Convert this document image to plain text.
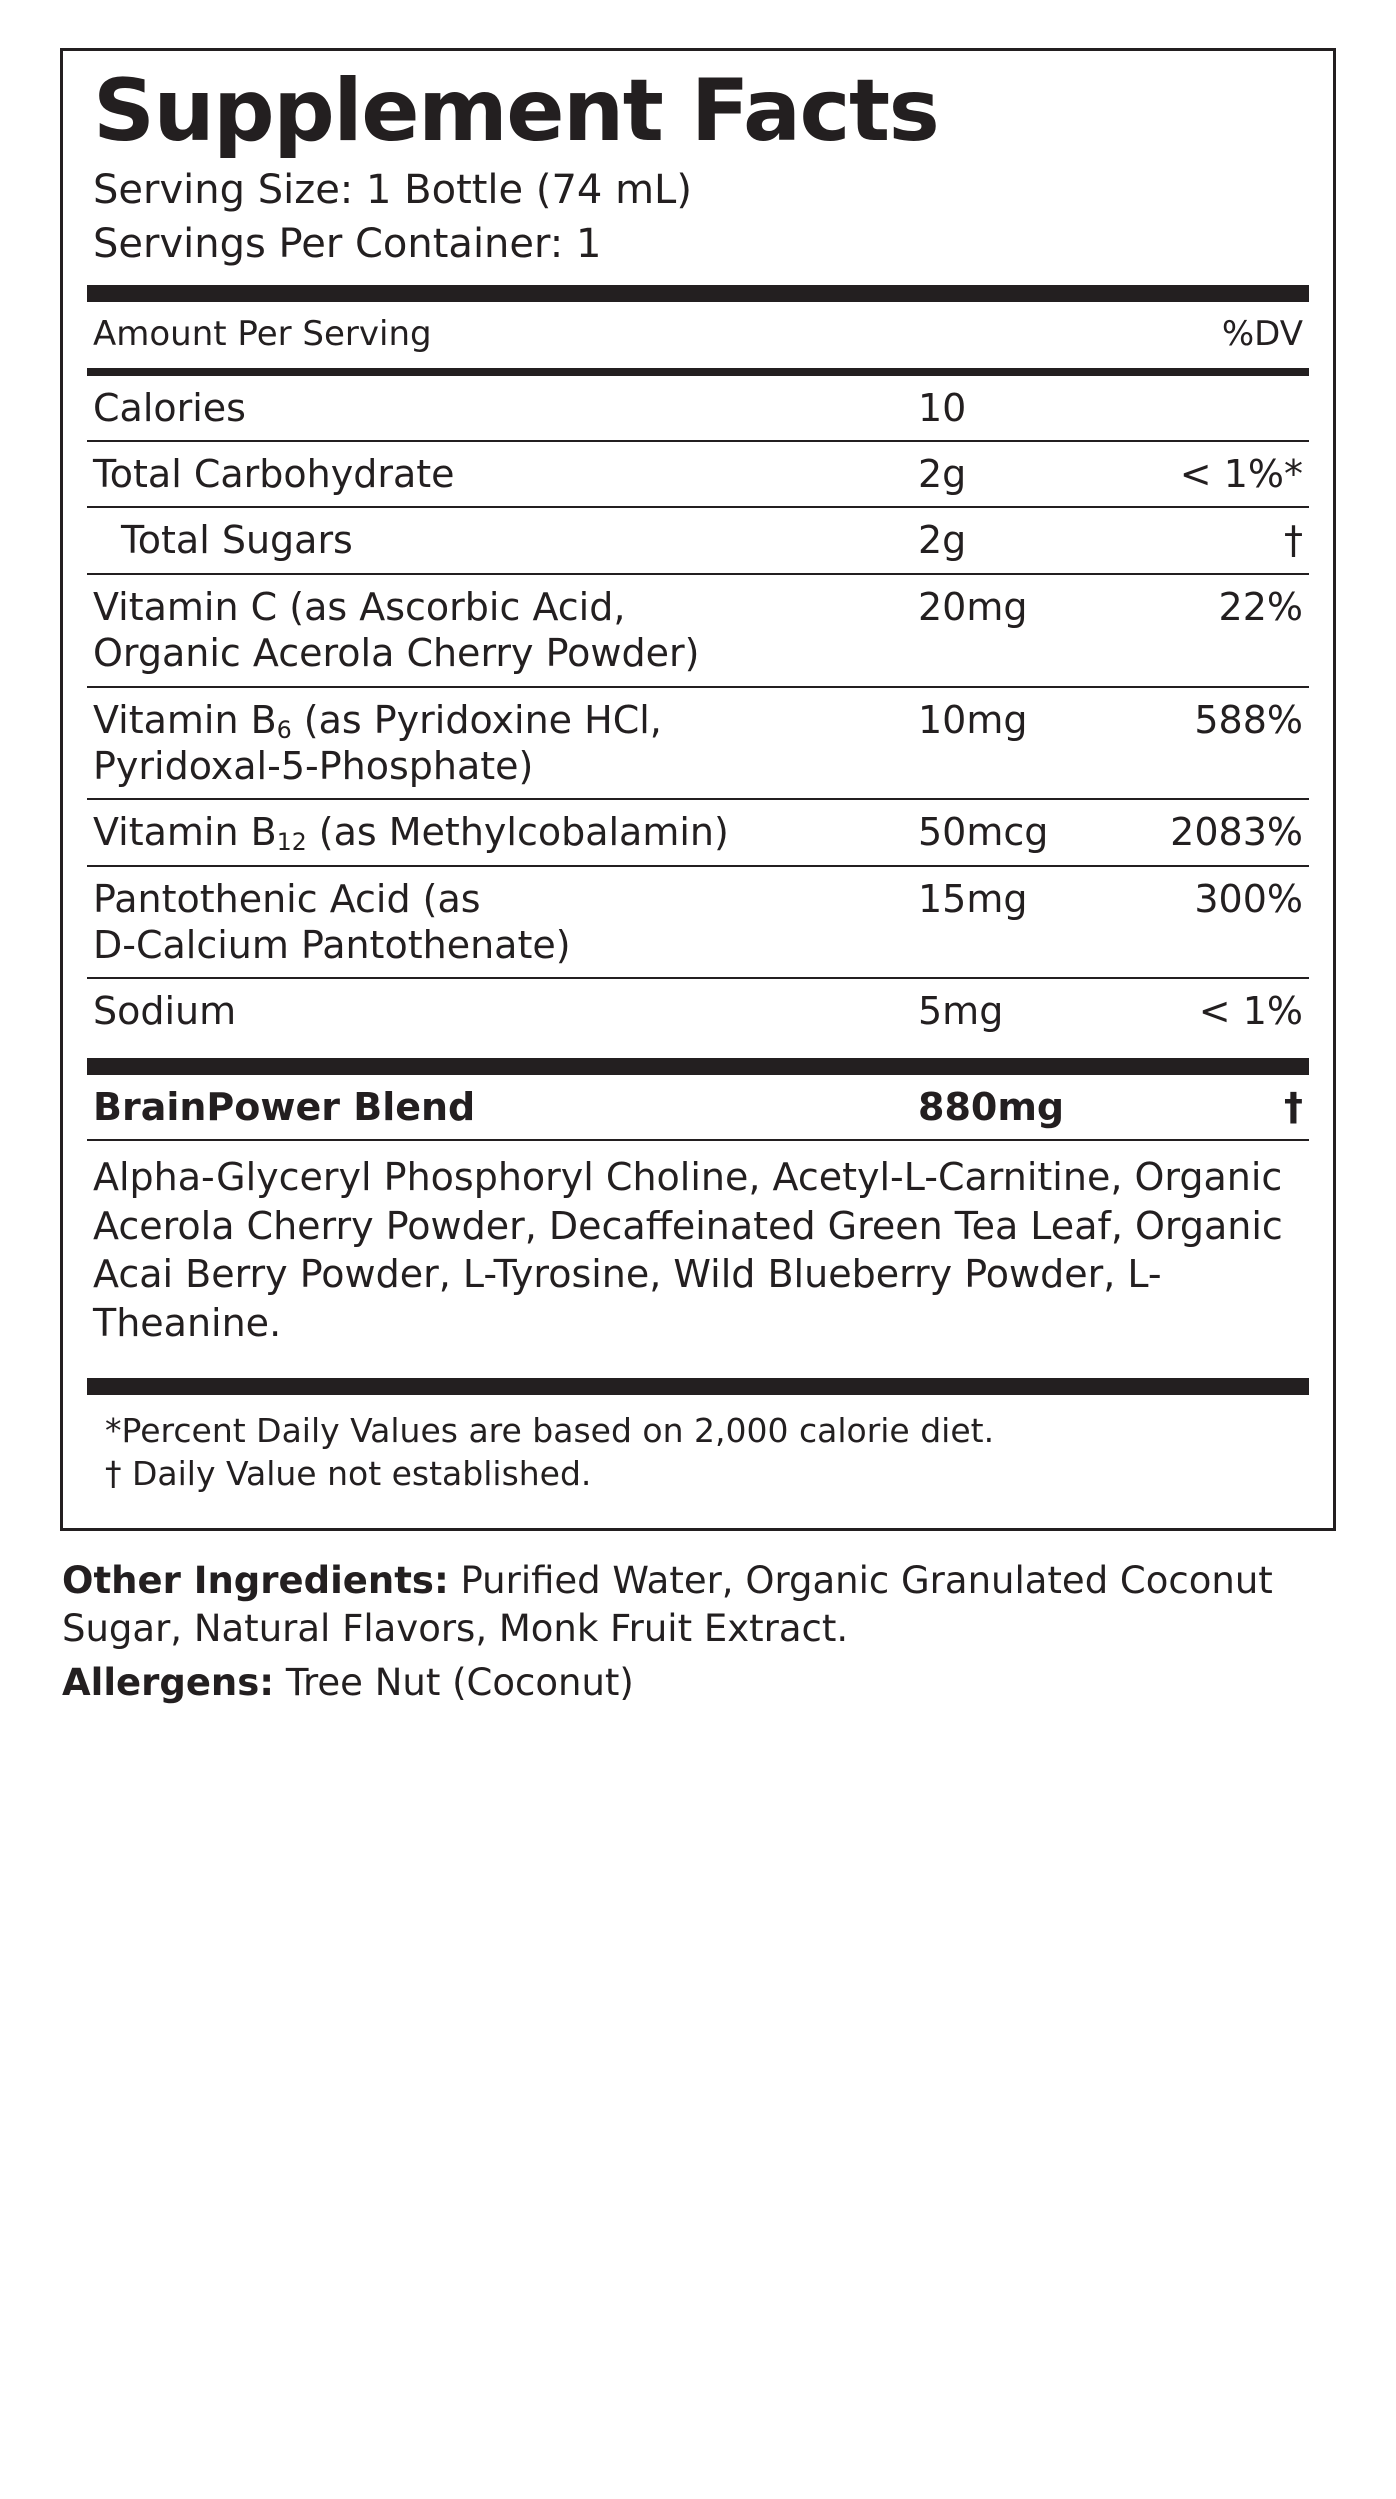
Supplement Facts
Serving Size: 1 Bottle (74 mL)
Servings Per Container: 1
Amount Per Serving	%DV
Calories	10
Total Carbohydrate	2g	< 1%*
Total Sugars	2g	†
Vitamin C (as Ascorbic Acid,
Organic Acerola Cherry Powder)
20mg	22%
Vitamin $B_6$ (as Pyridoxine HCl,
Pyridoxal-5-Phosphate)
10mg	588%
Vitamin $B_{12}$ (as Methylcobalamin)	50mcg	2083%
Pantothenic Acid (as
D-Calcium Pantothenate)
15mg	300%
Sodium	5mg	< 1%
BrainPower Blend	880mg	†
Alpha-Glyceryl Phosphoryl Choline, Acetyl-L-Carnitine, Organic Acerola Cherry Powder, Decaffeinated Green Tea Leaf, Organic Acai Berry Powder, L-Tyrosine, Wild Blueberry Powder, L-Theanine.
*Percent Daily Values are based on 2,000 calorie diet.
† Daily Value not established.
Other Ingredients: Purified Water, Organic Granulated Coconut Sugar, Natural Flavors, Monk Fruit Extract.
Allergens: Tree Nut (Coconut)
